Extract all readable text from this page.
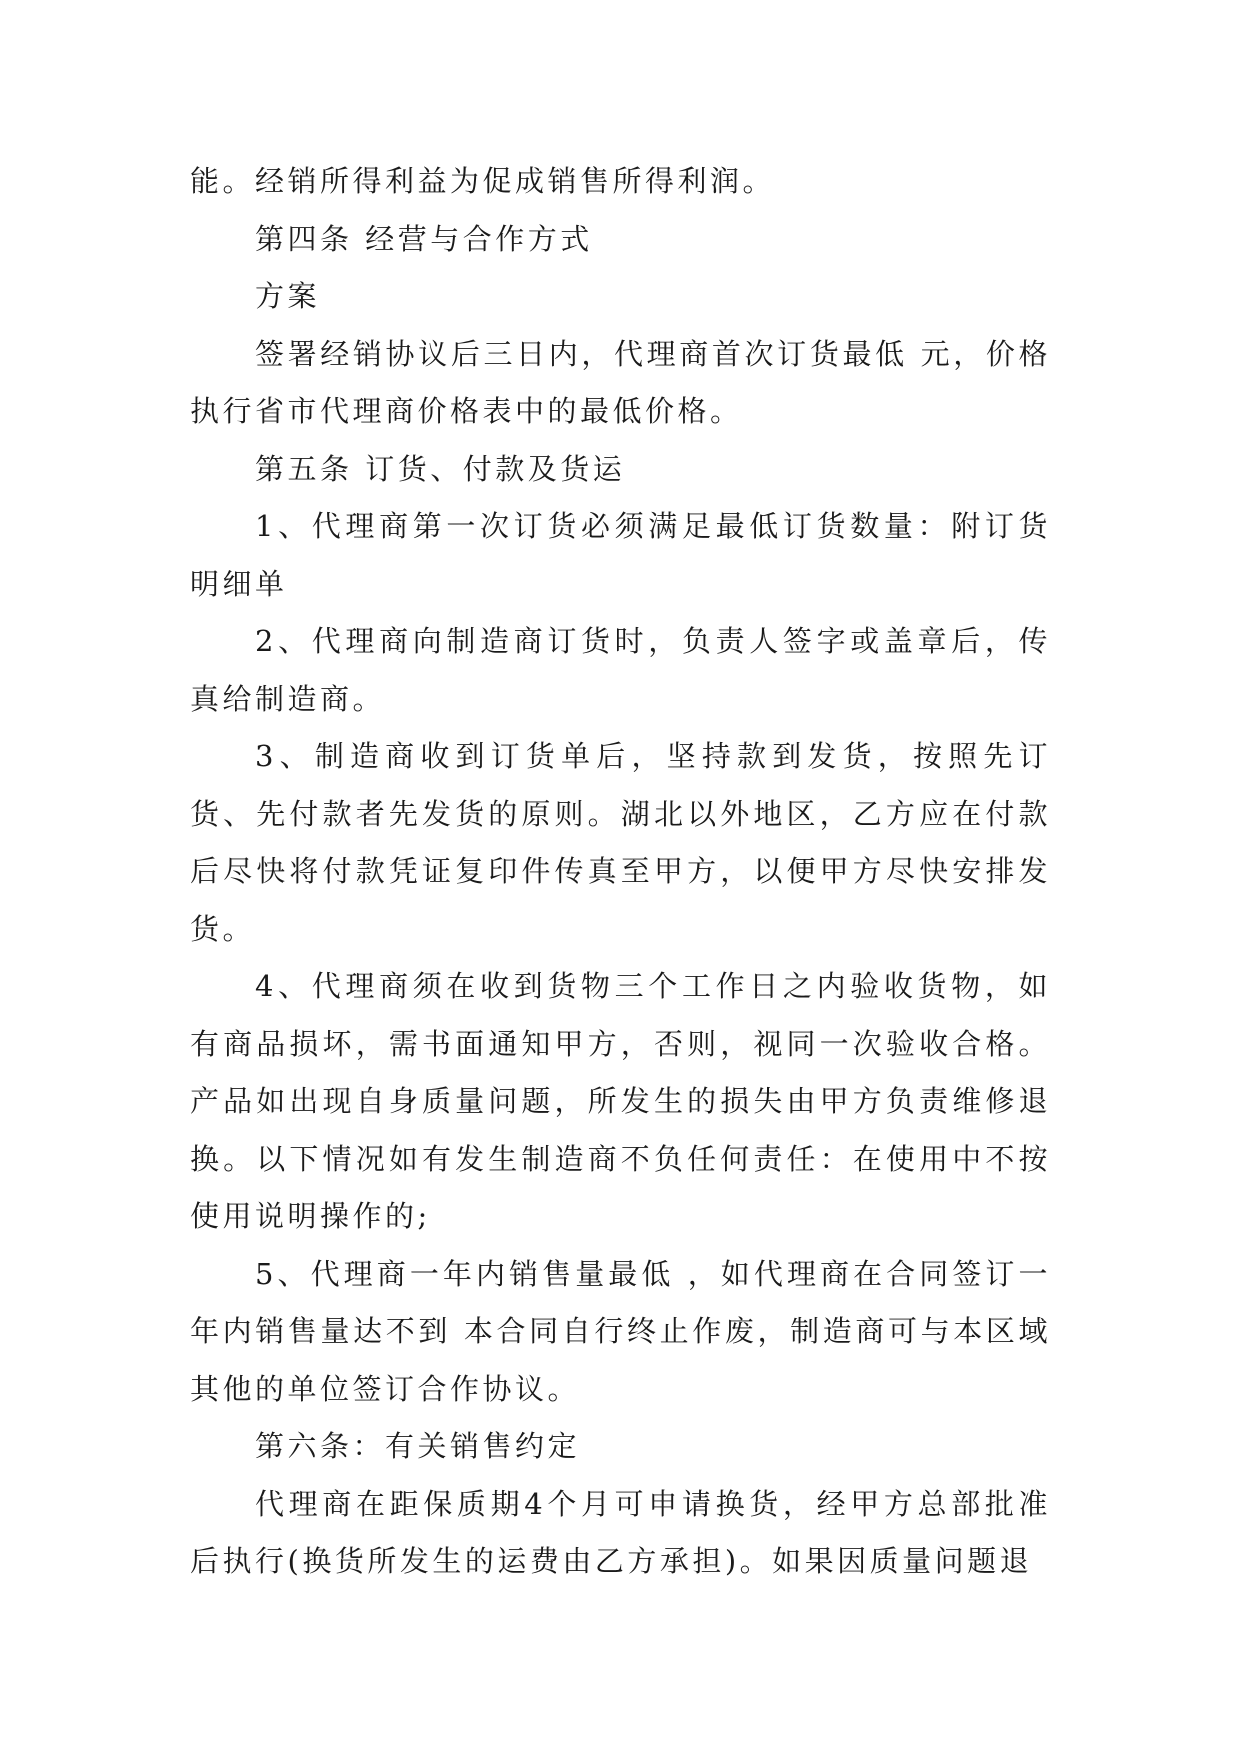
能。经销所得利益为促成销售所得利润。

第四条 经营与合作方式

方案

签署经销协议后三日内，代理商首次订货最低 元，价格执行省市代理商价格表中的最低价格。

第五条 订货、付款及货运

1、代理商第一次订货必须满足最低订货数量：附订货明细单

2、代理商向制造商订货时，负责人签字或盖章后，传真给制造商。

3、制造商收到订货单后，坚持款到发货，按照先订货、先付款者先发货的原则。湖北以外地区，乙方应在付款后尽快将付款凭证复印件传真至甲方，以便甲方尽快安排发货。

4、代理商须在收到货物三个工作日之内验收货物，如有商品损坏，需书面通知甲方，否则，视同一次验收合格。产品如出现自身质量问题，所发生的损失由甲方负责维修退换。以下情况如有发生制造商不负任何责任：在使用中不按使用说明操作的;

5、代理商一年内销售量最低 ，如代理商在合同签订一年内销售量达不到 本合同自行终止作废，制造商可与本区域其他的单位签订合作协议。

第六条：有关销售约定

代理商在距保质期4个月可申请换货，经甲方总部批准后执行(换货所发生的运费由乙方承担)。如果因质量问题退
